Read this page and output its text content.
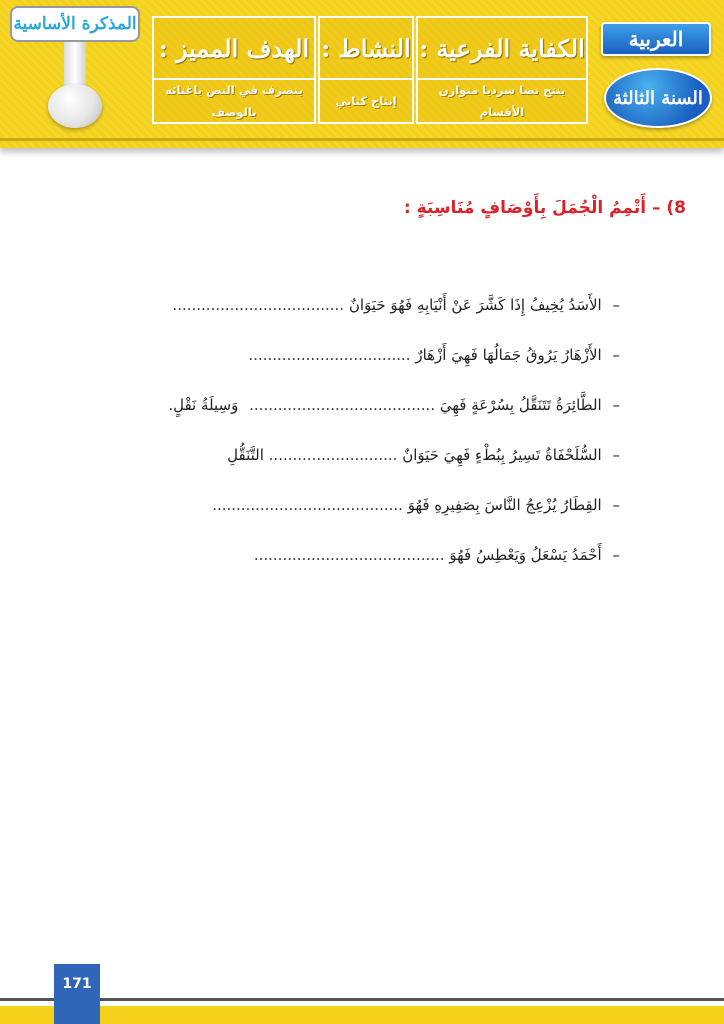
المذكرة الأساسية
الهدف المميز :
يتصرف في النص باغنائه بالوصف
النشاط :
إنتاج كتابي
الكفاية الفرعية :
ينتج نصا سرديا متوازن الأقسام
العربية
السنة الثالثة
8) – أَتْمِمُ الْجُمَلَ بِأَوْصَافٍ مُنَاسِبَةٍ :
– الأَسَدُ يُخِيفُ إِذَا كَشَّرَ عَنْ أَنْيَابِهِ فَهُوَ حَيَوَانٌ ....................................
– الأَزْهَارُ يَرُوقُ جَمَالُهَا فَهِيَ أَزْهَارٌ ..................................
– الطَّائِرَةُ تَتَنَقَّلُ بِسُرْعَةٍ فَهِيَ ....................................... وَسِيلَةُ نَقْلٍ.
– السُّلَحْفَاةُ تَسِيرُ بِبُطْءٍ فَهِيَ حَيَوَانٌ ........................... التَّنَقُّلِ
– القِطَارُ يُزْعِجُ النَّاسَ بِصَفِيرِهِ فَهُوَ ........................................
– أَحْمَدُ يَسْعَلُ وَيَعْطِسُ فَهُوَ ........................................
171
